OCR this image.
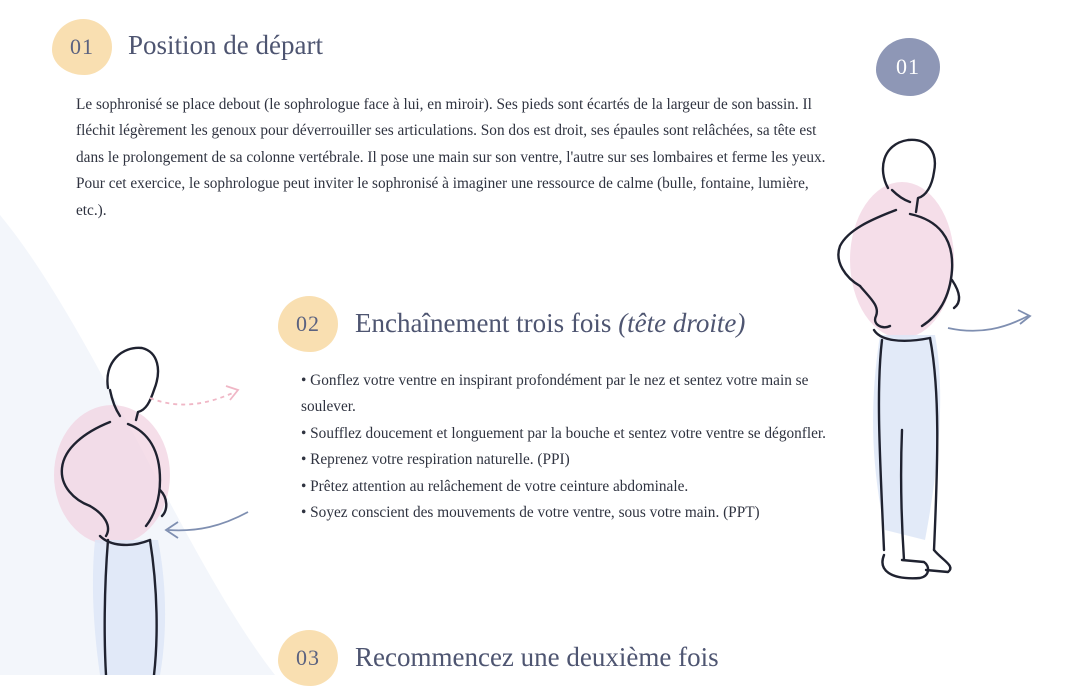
01 Position de départ

Le sophronisé se place debout (le sophrologue face à lui, en miroir). Ses pieds sont écartés de la largeur de son bassin. Il fléchit légèrement les genoux pour déverrouiller ses articulations. Son dos est droit, ses épaules sont relâchées, sa tête est dans le prolongement de sa colonne vertébrale. Il pose une main sur son ventre, l'autre sur ses lombaires et ferme les yeux. Pour cet exercice, le sophrologue peut inviter le sophronisé à imaginer une ressource de calme (bulle, fontaine, lumière, etc.).

01
02 Enchaînement trois fois (tête droite)
• Gonflez votre ventre en inspirant profondément par le nez et sentez votre main se soulever.
• Soufflez doucement et longuement par la bouche et sentez votre ventre se dégonfler.
• Reprenez votre respiration naturelle. (PPI)
• Prêtez attention au relâchement de votre ceinture abdominale.
• Soyez conscient des mouvements de votre ventre, sous votre main. (PPT)
03 Recommencez une deuxième fois
